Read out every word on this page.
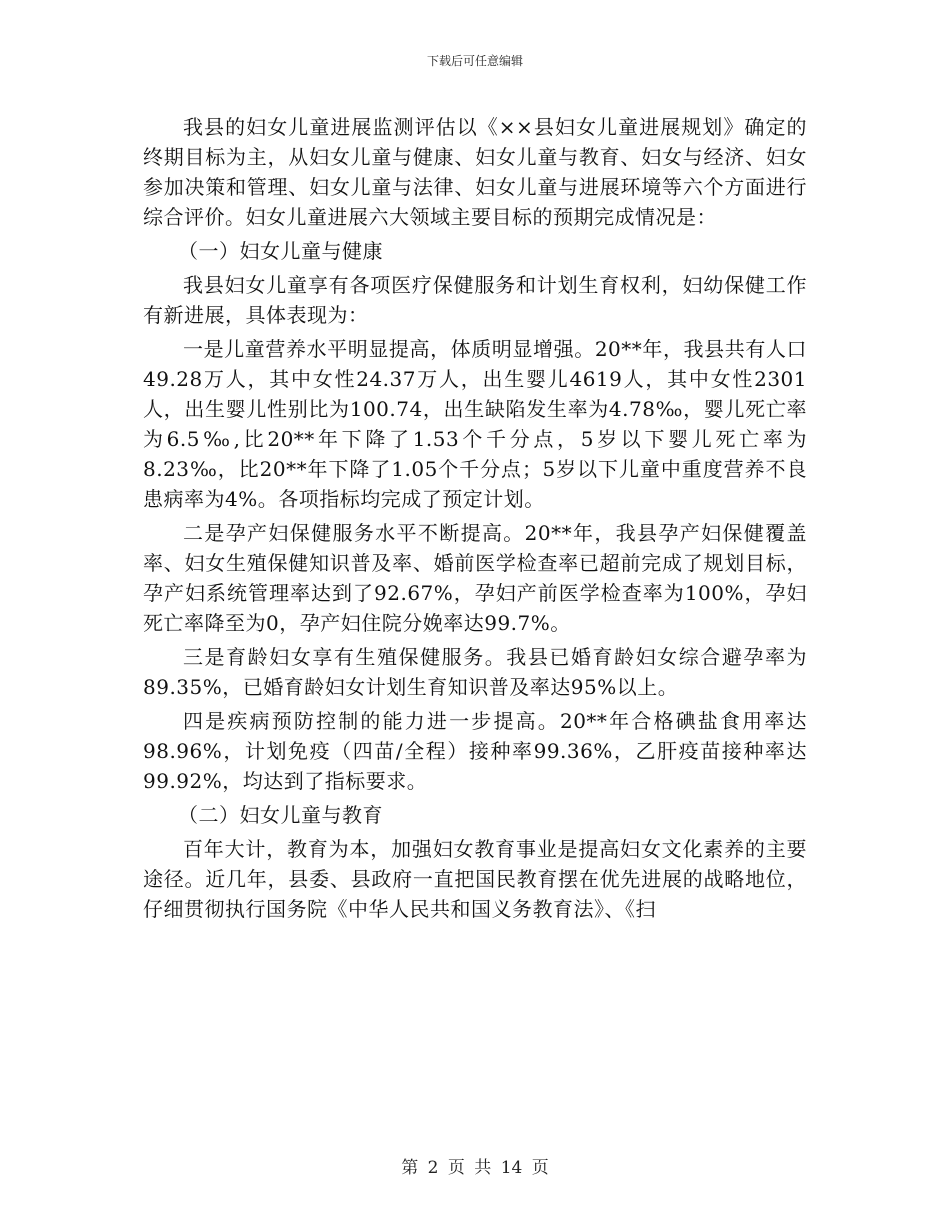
下载后可任意编辑

我县的妇女儿童进展监测评估以《××县妇女儿童进展规划》确定的终期目标为主，从妇女儿童与健康、妇女儿童与教育、妇女与经济、妇女参加决策和管理、妇女儿童与法律、妇女儿童与进展环境等六个方面进行综合评价。妇女儿童进展六大领域主要目标的预期完成情况是：

（一）妇女儿童与健康

我县妇女儿童享有各项医疗保健服务和计划生育权利，妇幼保健工作有新进展，具体表现为：

一是儿童营养水平明显提高，体质明显增强。20**年，我县共有人口49.28万人，其中女性24.37万人，出生婴儿4619人，其中女性2301人，出生婴儿性别比为100.74，出生缺陷发生率为4.78‰，婴儿死亡率为6.5‰,比20**年下降了1.53个千分点，5岁以下婴儿死亡率为8.23‰，比20**年下降了1.05个千分点；5岁以下儿童中重度营养不良患病率为4%。各项指标均完成了预定计划。

二是孕产妇保健服务水平不断提高。20**年，我县孕产妇保健覆盖率、妇女生殖保健知识普及率、婚前医学检查率已超前完成了规划目标，孕产妇系统管理率达到了92.67%，孕妇产前医学检查率为100%，孕妇死亡率降至为0，孕产妇住院分娩率达99.7%。

三是育龄妇女享有生殖保健服务。我县已婚育龄妇女综合避孕率为89.35%，已婚育龄妇女计划生育知识普及率达95%以上。

四是疾病预防控制的能力进一步提高。20**年合格碘盐食用率达98.96%，计划免疫（四苗/全程）接种率99.36%，乙肝疫苗接种率达99.92%，均达到了指标要求。

（二）妇女儿童与教育

百年大计，教育为本，加强妇女教育事业是提高妇女文化素养的主要途径。近几年，县委、县政府一直把国民教育摆在优先进展的战略地位，仔细贯彻执行国务院《中华人民共和国义务教育法》、《扫

第 2 页 共 14 页
